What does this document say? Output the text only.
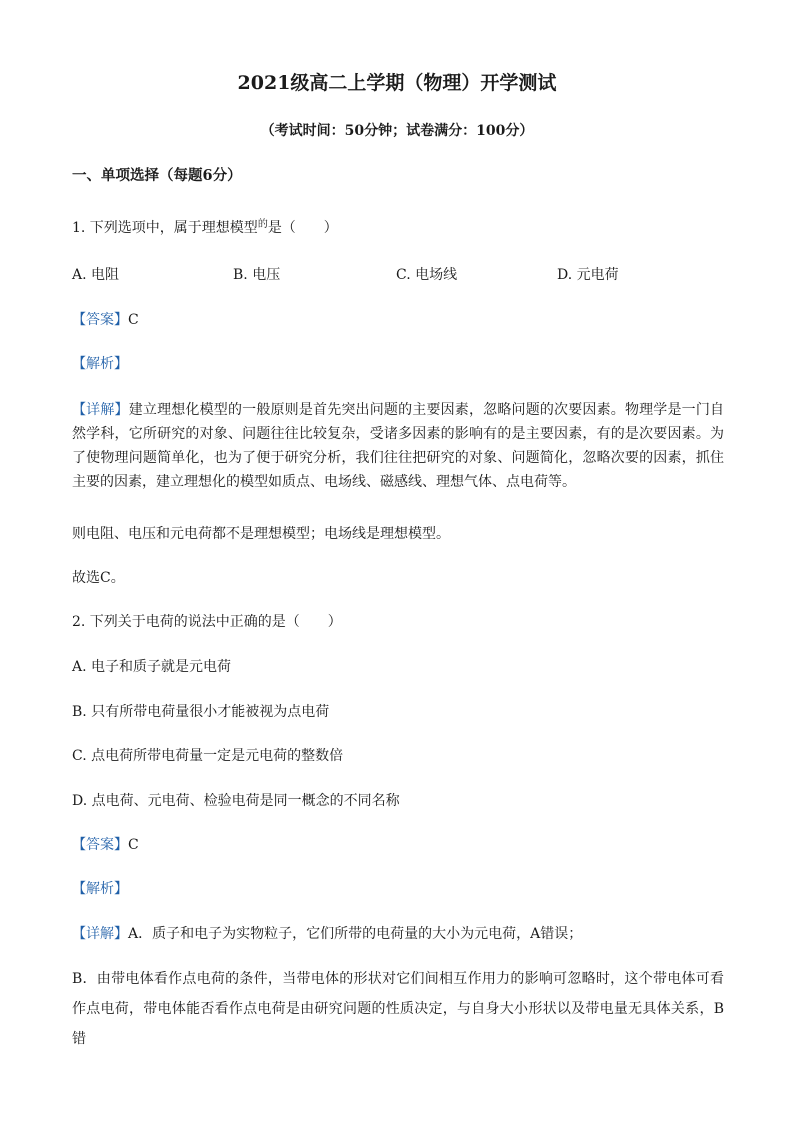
2021级高二上学期（物理）开学测试
（考试时间：50分钟；试卷满分：100分）
一、单项选择（每题6分）
1. 下列选项中，属于理想模型$^的$是（　　）
A. 电阻	B. 电压	C. 电场线	D. 元电荷
【答案】C
【解析】
【详解】建立理想化模型的一般原则是首先突出问题的主要因素，忽略问题的次要因素。物理学是一门自然学科，它所研究的对象、问题往往比较复杂，受诸多因素的影响有的是主要因素，有的是次要因素。为了使物理问题简单化，也为了便于研究分析，我们往往把研究的对象、问题简化，忽略次要的因素，抓住主要的因素，建立理想化的模型如质点、电场线、磁感线、理想气体、点电荷等。
则电阻、电压和元电荷都不是理想模型；电场线是理想模型。
故选C。
2. 下列关于电荷的说法中正确的是（　　）
A. 电子和质子就是元电荷
B. 只有所带电荷量很小才能被视为点电荷
C. 点电荷所带电荷量一定是元电荷的整数倍
D. 点电荷、元电荷、检验电荷是同一概念的不同名称
【答案】C
【解析】
【详解】A．质子和电子为实物粒子，它们所带的电荷量的大小为元电荷，A错误；
B．由带电体看作点电荷的条件，当带电体的形状对它们间相互作用力的影响可忽略时，这个带电体可看作点电荷，带电体能否看作点电荷是由研究问题的性质决定，与自身大小形状以及带电量无具体关系，B错
